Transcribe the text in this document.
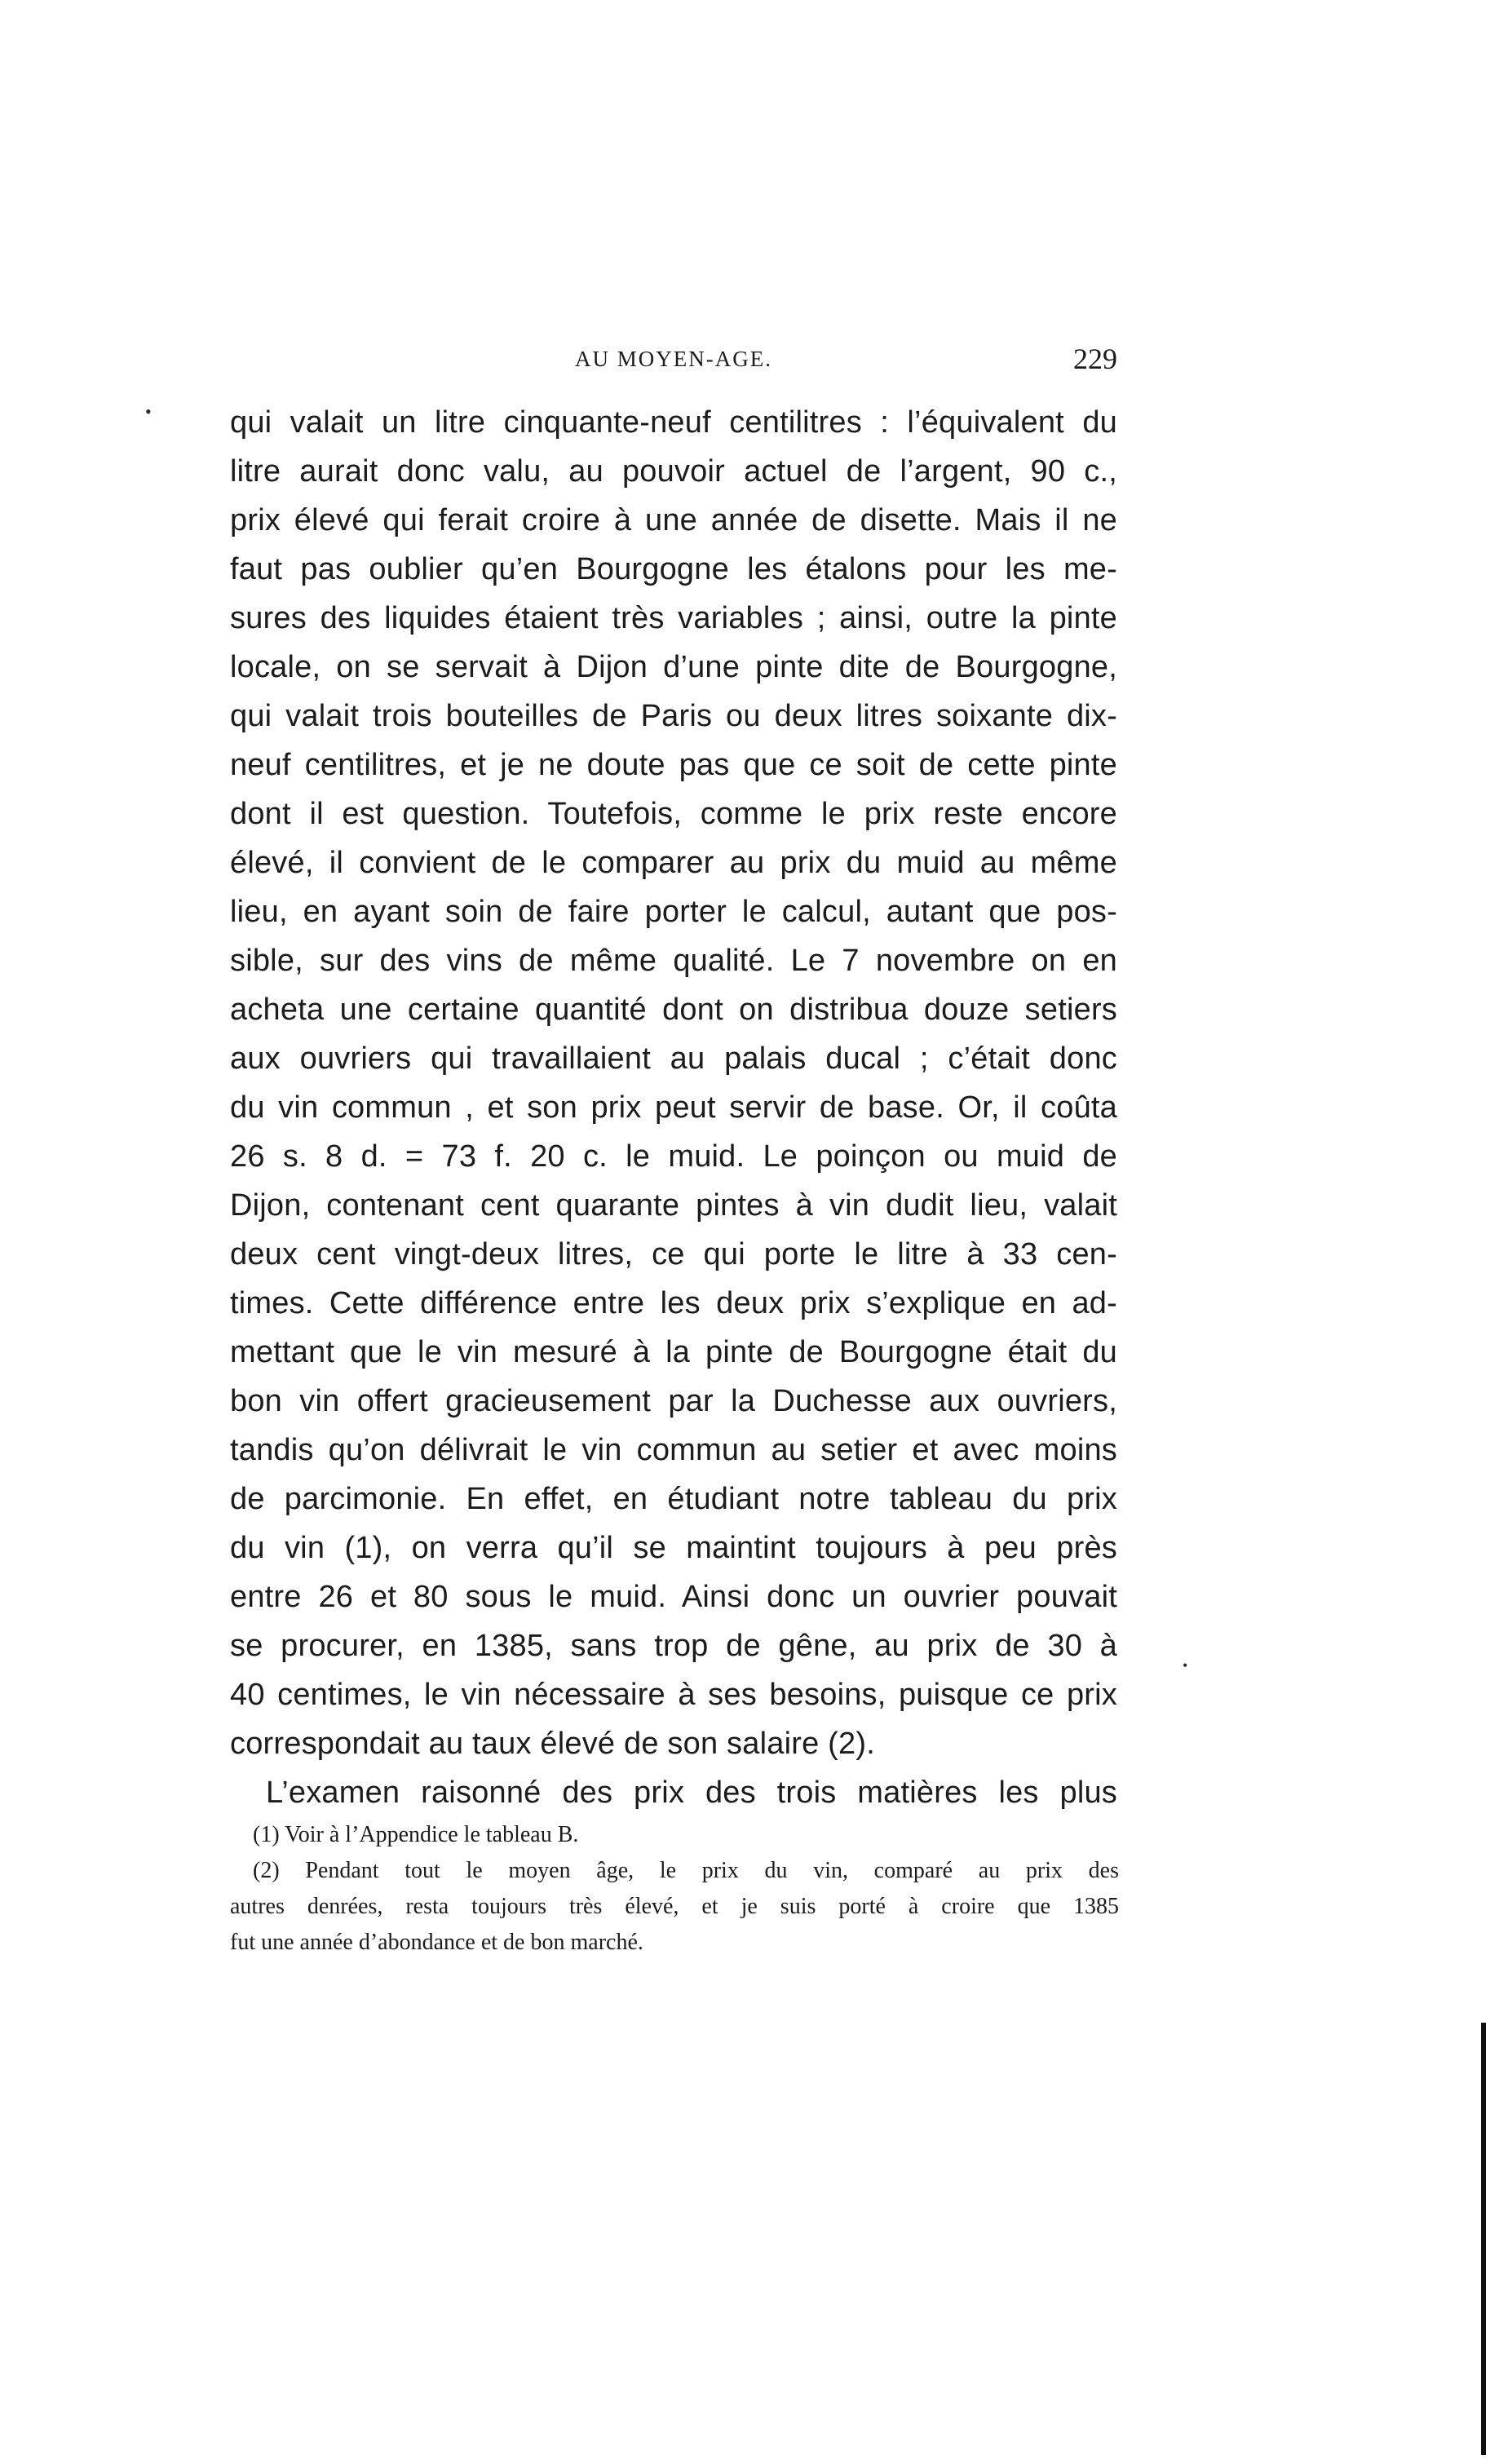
AU MOYEN-AGE.	229
qui valait un litre cinquante-neuf centilitres : l’équivalent du
litre aurait donc valu, au pouvoir actuel de l’argent, 90 c.,
prix élevé qui ferait croire à une année de disette. Mais il ne
faut pas oublier qu’en Bourgogne les étalons pour les me-
sures des liquides étaient très variables ; ainsi, outre la pinte
locale, on se servait à Dijon d’une pinte dite de Bourgogne,
qui valait trois bouteilles de Paris ou deux litres soixante dix-
neuf centilitres, et je ne doute pas que ce soit de cette pinte
dont il est question. Toutefois, comme le prix reste encore
élevé, il convient de le comparer au prix du muid au même
lieu, en ayant soin de faire porter le calcul, autant que pos-
sible, sur des vins de même qualité. Le 7 novembre on en
acheta une certaine quantité dont on distribua douze setiers
aux ouvriers qui travaillaient au palais ducal ; c’était donc
du vin commun , et son prix peut servir de base. Or, il coûta
26 s. 8 d. = 73 f. 20 c. le muid. Le poinçon ou muid de
Dijon, contenant cent quarante pintes à vin dudit lieu, valait
deux cent vingt-deux litres, ce qui porte le litre à 33 cen-
times. Cette différence entre les deux prix s’explique en ad-
mettant que le vin mesuré à la pinte de Bourgogne était du
bon vin offert gracieusement par la Duchesse aux ouvriers,
tandis qu’on délivrait le vin commun au setier et avec moins
de parcimonie. En effet, en étudiant notre tableau du prix
du vin (1), on verra qu’il se maintint toujours à peu près
entre 26 et 80 sous le muid. Ainsi donc un ouvrier pouvait
se procurer, en 1385, sans trop de gêne, au prix de 30 à
40 centimes, le vin nécessaire à ses besoins, puisque ce prix
correspondait au taux élevé de son salaire (2).
L’examen raisonné des prix des trois matières les plus
(1) Voir à l’Appendice le tableau B.
(2) Pendant tout le moyen âge, le prix du vin, comparé au prix des
autres denrées, resta toujours très élevé, et je suis porté à croire que 1385
fut une année d’abondance et de bon marché.
•
•
